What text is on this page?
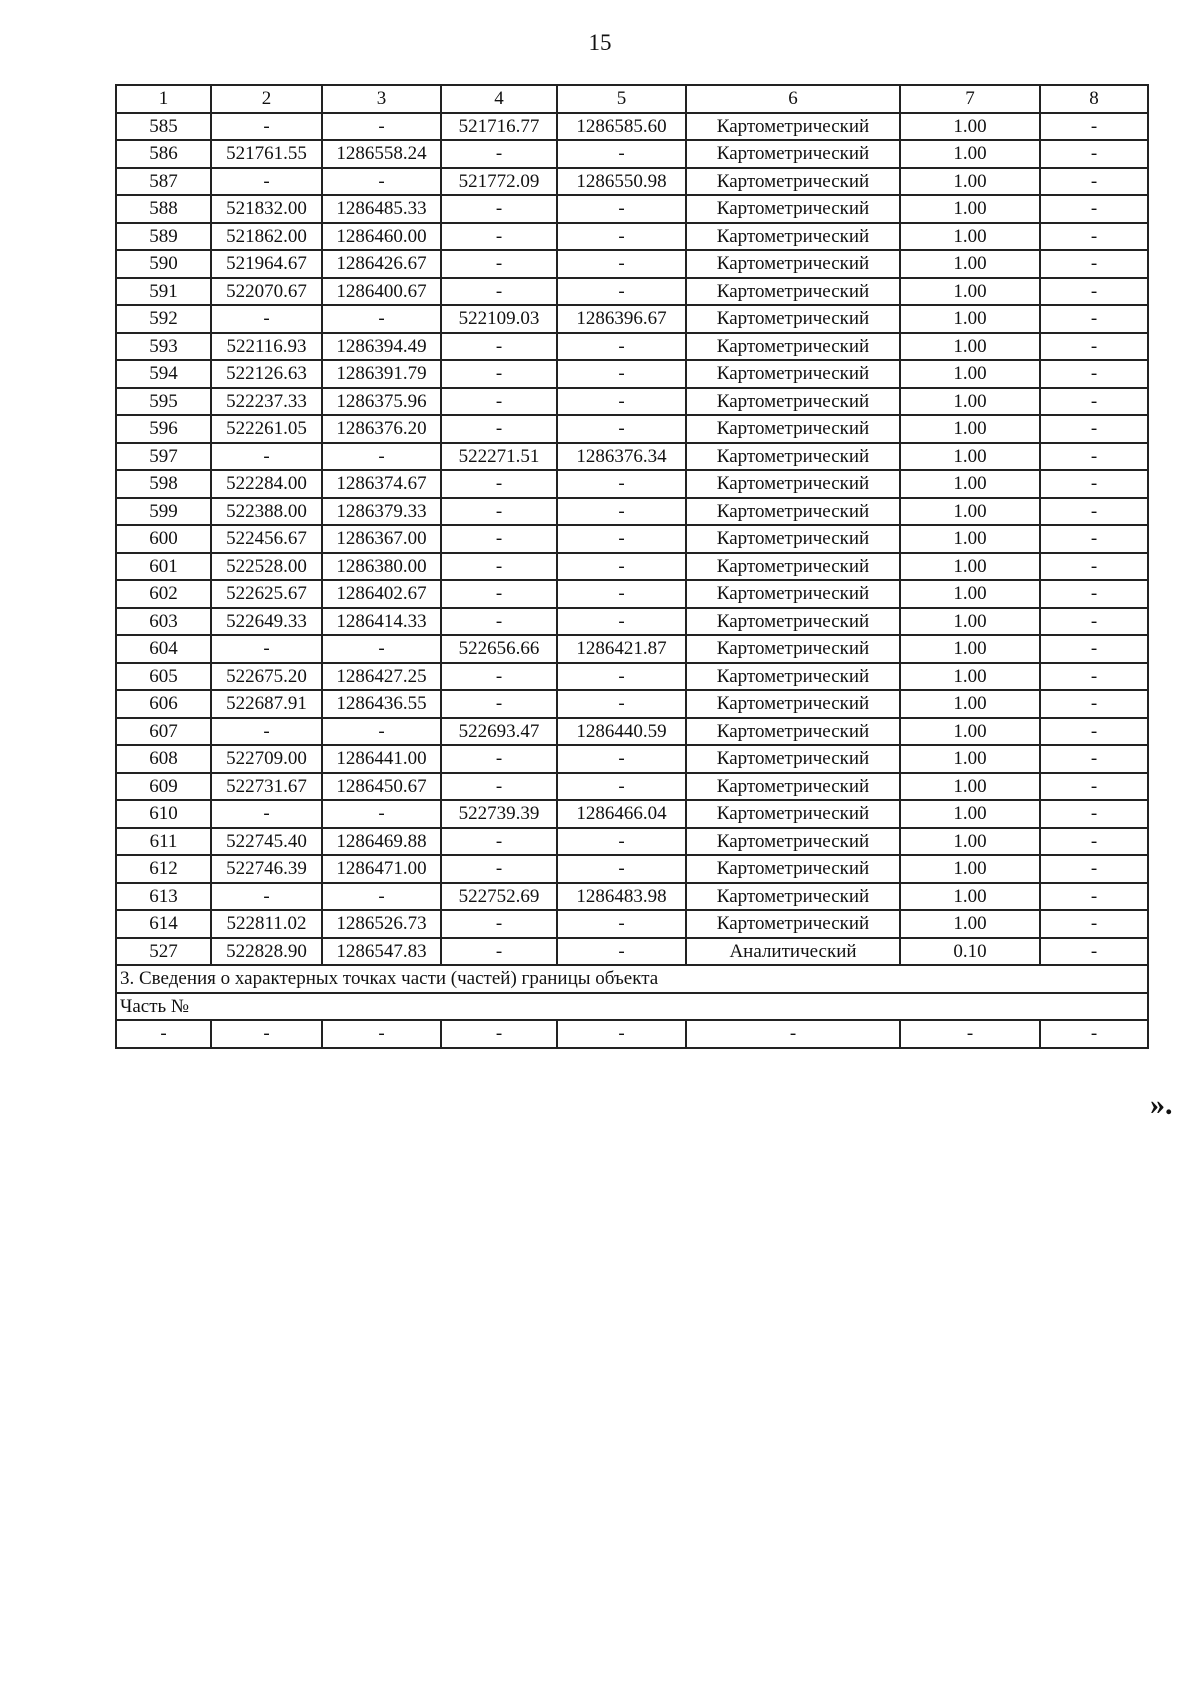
15
1	2	3	4	5	6	7	8
585	-	-	521716.77	1286585.60	Картометрический	1.00	-
586	521761.55	1286558.24	-	-	Картометрический	1.00	-
587	-	-	521772.09	1286550.98	Картометрический	1.00	-
588	521832.00	1286485.33	-	-	Картометрический	1.00	-
589	521862.00	1286460.00	-	-	Картометрический	1.00	-
590	521964.67	1286426.67	-	-	Картометрический	1.00	-
591	522070.67	1286400.67	-	-	Картометрический	1.00	-
592	-	-	522109.03	1286396.67	Картометрический	1.00	-
593	522116.93	1286394.49	-	-	Картометрический	1.00	-
594	522126.63	1286391.79	-	-	Картометрический	1.00	-
595	522237.33	1286375.96	-	-	Картометрический	1.00	-
596	522261.05	1286376.20	-	-	Картометрический	1.00	-
597	-	-	522271.51	1286376.34	Картометрический	1.00	-
598	522284.00	1286374.67	-	-	Картометрический	1.00	-
599	522388.00	1286379.33	-	-	Картометрический	1.00	-
600	522456.67	1286367.00	-	-	Картометрический	1.00	-
601	522528.00	1286380.00	-	-	Картометрический	1.00	-
602	522625.67	1286402.67	-	-	Картометрический	1.00	-
603	522649.33	1286414.33	-	-	Картометрический	1.00	-
604	-	-	522656.66	1286421.87	Картометрический	1.00	-
605	522675.20	1286427.25	-	-	Картометрический	1.00	-
606	522687.91	1286436.55	-	-	Картометрический	1.00	-
607	-	-	522693.47	1286440.59	Картометрический	1.00	-
608	522709.00	1286441.00	-	-	Картометрический	1.00	-
609	522731.67	1286450.67	-	-	Картометрический	1.00	-
610	-	-	522739.39	1286466.04	Картометрический	1.00	-
611	522745.40	1286469.88	-	-	Картометрический	1.00	-
612	522746.39	1286471.00	-	-	Картометрический	1.00	-
613	-	-	522752.69	1286483.98	Картометрический	1.00	-
614	522811.02	1286526.73	-	-	Картометрический	1.00	-
527	522828.90	1286547.83	-	-	Аналитический	0.10	-
3. Сведения о характерных точках части (частей) границы объекта							
Часть №							
-	-	-	-	-	-	-	-
».
